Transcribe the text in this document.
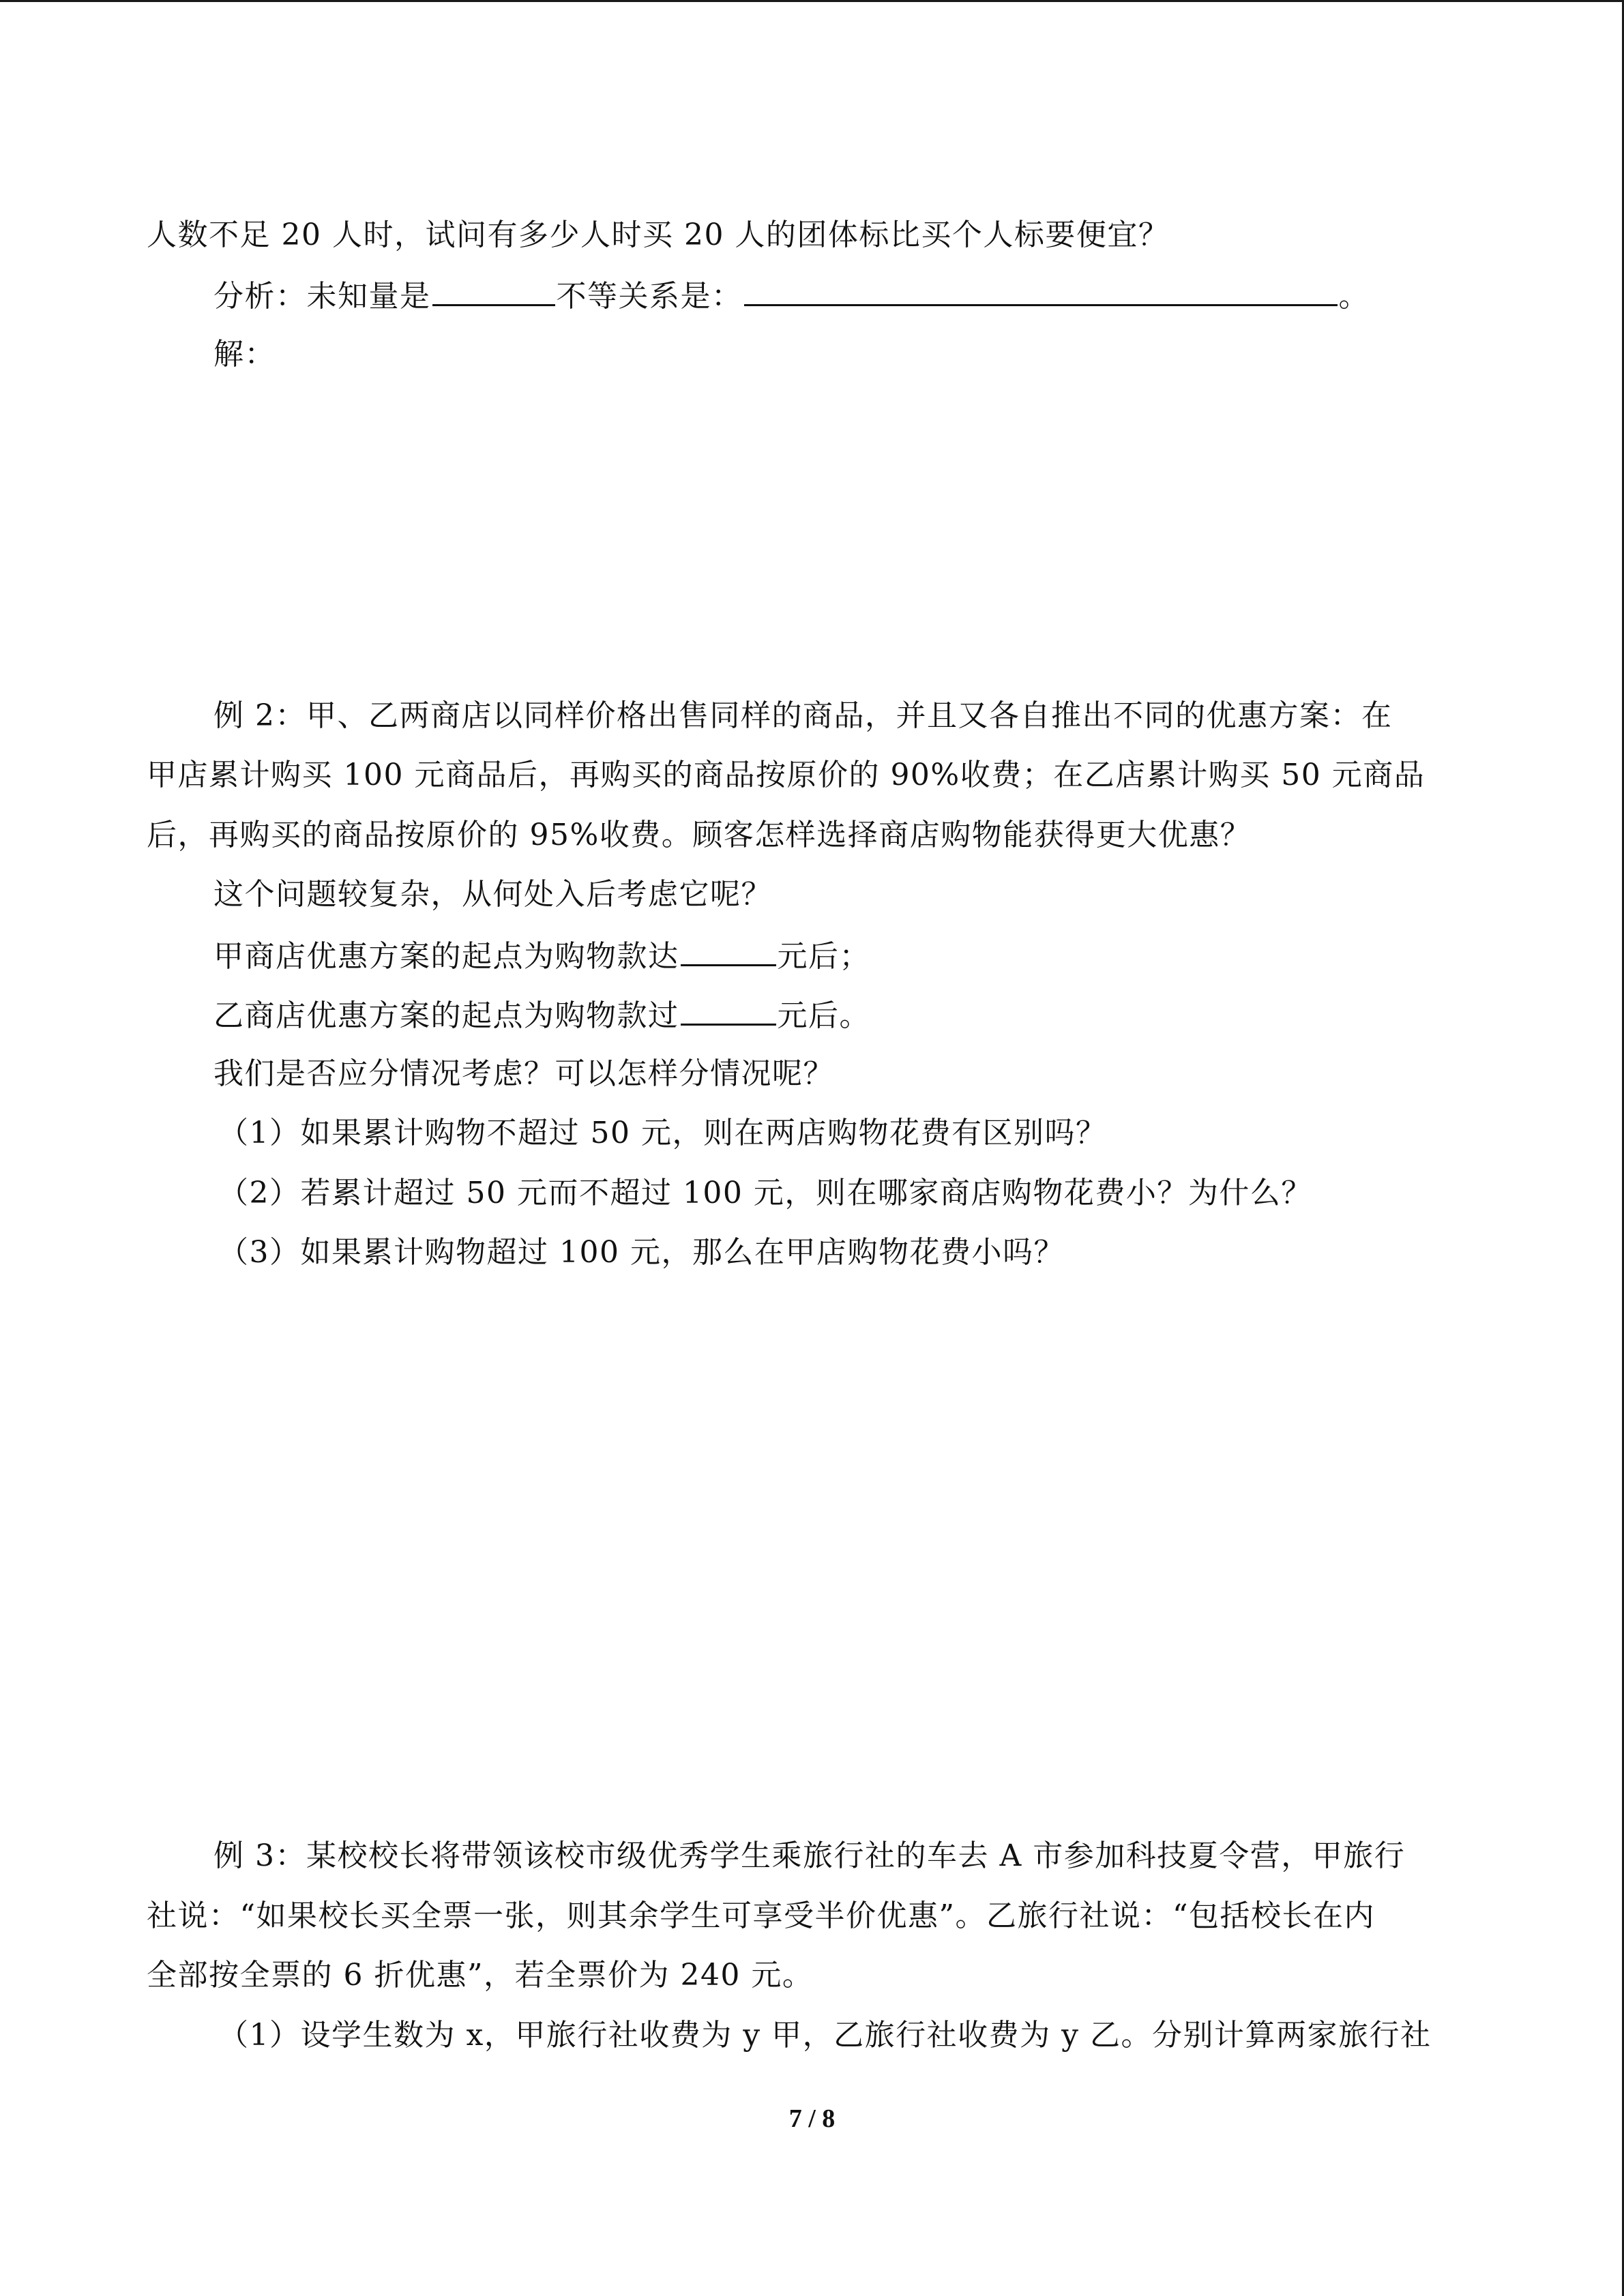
人数不足 20 人时，试问有多少人时买 20 人的团体标比买个人标要便宜？
分析：未知量是	不等关系是：	。
解：
例 2：甲、乙两商店以同样价格出售同样的商品，并且又各自推出不同的优惠方案：在
甲店累计购买 100 元商品后，再购买的商品按原价的 90%收费；在乙店累计购买 50 元商品
后，再购买的商品按原价的 95%收费。顾客怎样选择商店购物能获得更大优惠？
这个问题较复杂，从何处入后考虑它呢？
甲商店优惠方案的起点为购物款达	元后；
乙商店优惠方案的起点为购物款过	元后。
我们是否应分情况考虑？可以怎样分情况呢？
（1）如果累计购物不超过 50 元，则在两店购物花费有区别吗？
（2）若累计超过 50 元而不超过 100 元，则在哪家商店购物花费小？为什么？
（3）如果累计购物超过 100 元，那么在甲店购物花费小吗？
例 3：某校校长将带领该校市级优秀学生乘旅行社的车去 A 市参加科技夏令营，甲旅行
社说：“如果校长买全票一张，则其余学生可享受半价优惠”。乙旅行社说：“包括校长在内
全部按全票的 6 折优惠”，若全票价为 240 元。
（1）设学生数为 x，甲旅行社收费为 y 甲，乙旅行社收费为 y 乙。分别计算两家旅行社
7 / 8
